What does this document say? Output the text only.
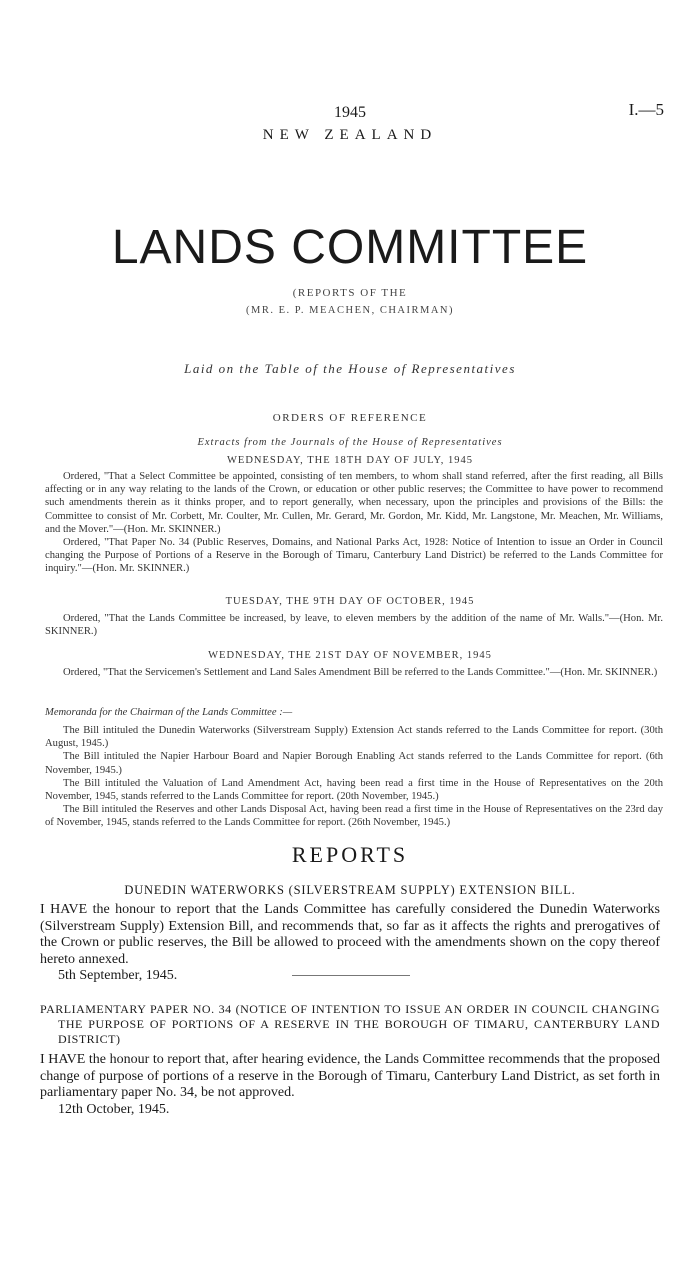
I.—5
1945
NEW ZEALAND
LANDS COMMITTEE
(REPORTS OF THE
(MR. E. P. MEACHEN, CHAIRMAN)
Laid on the Table of the House of Representatives
ORDERS OF REFERENCE
Extracts from the Journals of the House of Representatives
WEDNESDAY, THE 18TH DAY OF JULY, 1945

Ordered, "That a Select Committee be appointed, consisting of ten members, to whom shall stand referred, after the first reading, all Bills affecting or in any way relating to the lands of the Crown, or education or other public reserves; the Committee to have power to recommend such amendments therein as it thinks proper, and to report generally, when necessary, upon the principles and provisions of the Bills: the Committee to consist of Mr. Corbett, Mr. Coulter, Mr. Cullen, Mr. Gerard, Mr. Gordon, Mr. Kidd, Mr. Langstone, Mr. Meachen, Mr. Williams, and the Mover."—(Hon. Mr. SKINNER.)

Ordered, "That Paper No. 34 (Public Reserves, Domains, and National Parks Act, 1928: Notice of Intention to issue an Order in Council changing the Purpose of Portions of a Reserve in the Borough of Timaru, Canterbury Land District) be referred to the Lands Committee for inquiry."—(Hon. Mr. SKINNER.)

TUESDAY, THE 9TH DAY OF OCTOBER, 1945

Ordered, "That the Lands Committee be increased, by leave, to eleven members by the addition of the name of Mr. Walls."—(Hon. Mr. SKINNER.)

WEDNESDAY, THE 21ST DAY OF NOVEMBER, 1945

Ordered, "That the Servicemen's Settlement and Land Sales Amendment Bill be referred to the Lands Committee."—(Hon. Mr. SKINNER.)

Memoranda for the Chairman of the Lands Committee :—

The Bill intituled the Dunedin Waterworks (Silverstream Supply) Extension Act stands referred to the Lands Committee for report. (30th August, 1945.)

The Bill intituled the Napier Harbour Board and Napier Borough Enabling Act stands referred to the Lands Committee for report. (6th November, 1945.)

The Bill intituled the Valuation of Land Amendment Act, having been read a first time in the House of Representatives on the 20th November, 1945, stands referred to the Lands Committee for report. (20th November, 1945.)

The Bill intituled the Reserves and other Lands Disposal Act, having been read a first time in the House of Representatives on the 23rd day of November, 1945, stands referred to the Lands Committee for report. (26th November, 1945.)

REPORTS
DUNEDIN WATERWORKS (SILVERSTREAM SUPPLY) EXTENSION BILL.

I HAVE the honour to report that the Lands Committee has carefully considered the Dunedin Waterworks (Silverstream Supply) Extension Bill, and recommends that, so far as it affects the rights and prerogatives of the Crown or public reserves, the Bill be allowed to proceed with the amendments shown on the copy thereof hereto annexed.

5th September, 1945.

PARLIAMENTARY PAPER NO. 34 (NOTICE OF INTENTION TO ISSUE AN ORDER IN COUNCIL CHANGING THE PURPOSE OF PORTIONS OF A RESERVE IN THE BOROUGH OF TIMARU, CANTERBURY LAND DISTRICT)

I HAVE the honour to report that, after hearing evidence, the Lands Committee recommends that the proposed change of purpose of portions of a reserve in the Borough of Timaru, Canterbury Land District, as set forth in parliamentary paper No. 34, be not approved.

12th October, 1945.
